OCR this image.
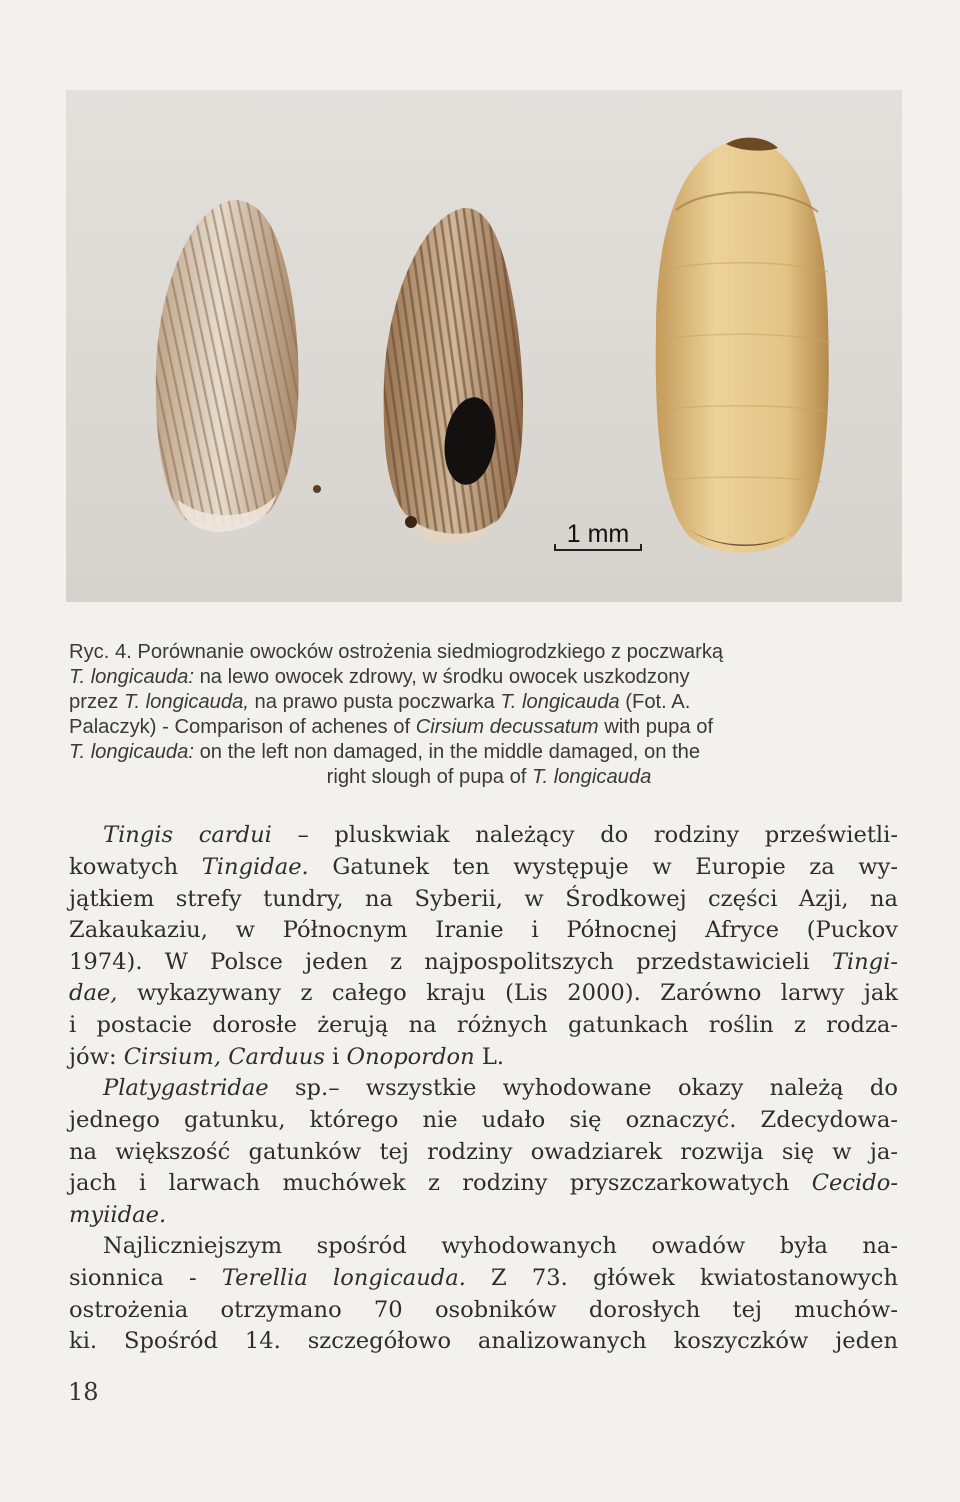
1 mm

Ryc. 4. Porównanie owocków ostrożenia siedmiogrodzkiego z poczwarką

T. longicauda: na lewo owocek zdrowy, w środku owocek uszkodzony

przez T. longicauda, na prawo pusta poczwarka T. longicauda (Fot. A.

Palaczyk) - Comparison of achenes of Cirsium decussatum with pupa of

T. longicauda: on the left non damaged, in the middle damaged, on the

right slough of pupa of T. longicauda

Tingis cardui – pluskwiak należący do rodziny prześwietli-
kowatych Tingidae. Gatunek ten występuje w Europie za wy-
jątkiem strefy tundry, na Syberii, w Środkowej części Azji, na
Zakaukaziu, w Północnym Iranie i Północnej Afryce (Puckov
1974). W Polsce jeden z najpospolitszych przedstawicieli Tingi-
dae, wykazywany z całego kraju (Lis 2000). Zarówno larwy jak
i postacie dorosłe żerują na różnych gatunkach roślin z rodza-
jów: Cirsium, Carduus i Onopordon L.
Platygastridae sp.– wszystkie wyhodowane okazy należą do
jednego gatunku, którego nie udało się oznaczyć. Zdecydowa-
na większość gatunków tej rodziny owadziarek rozwija się w ja-
jach i larwach muchówek z rodziny pryszczarkowatych Cecido-
myiidae.
Najliczniejszym spośród wyhodowanych owadów była na-
sionnica - Terellia longicauda. Z 73. główek kwiatostanowych
ostrożenia otrzymano 70 osobników dorosłych tej muchów-
ki. Spośród 14. szczegółowo analizowanych koszyczków jeden
18
